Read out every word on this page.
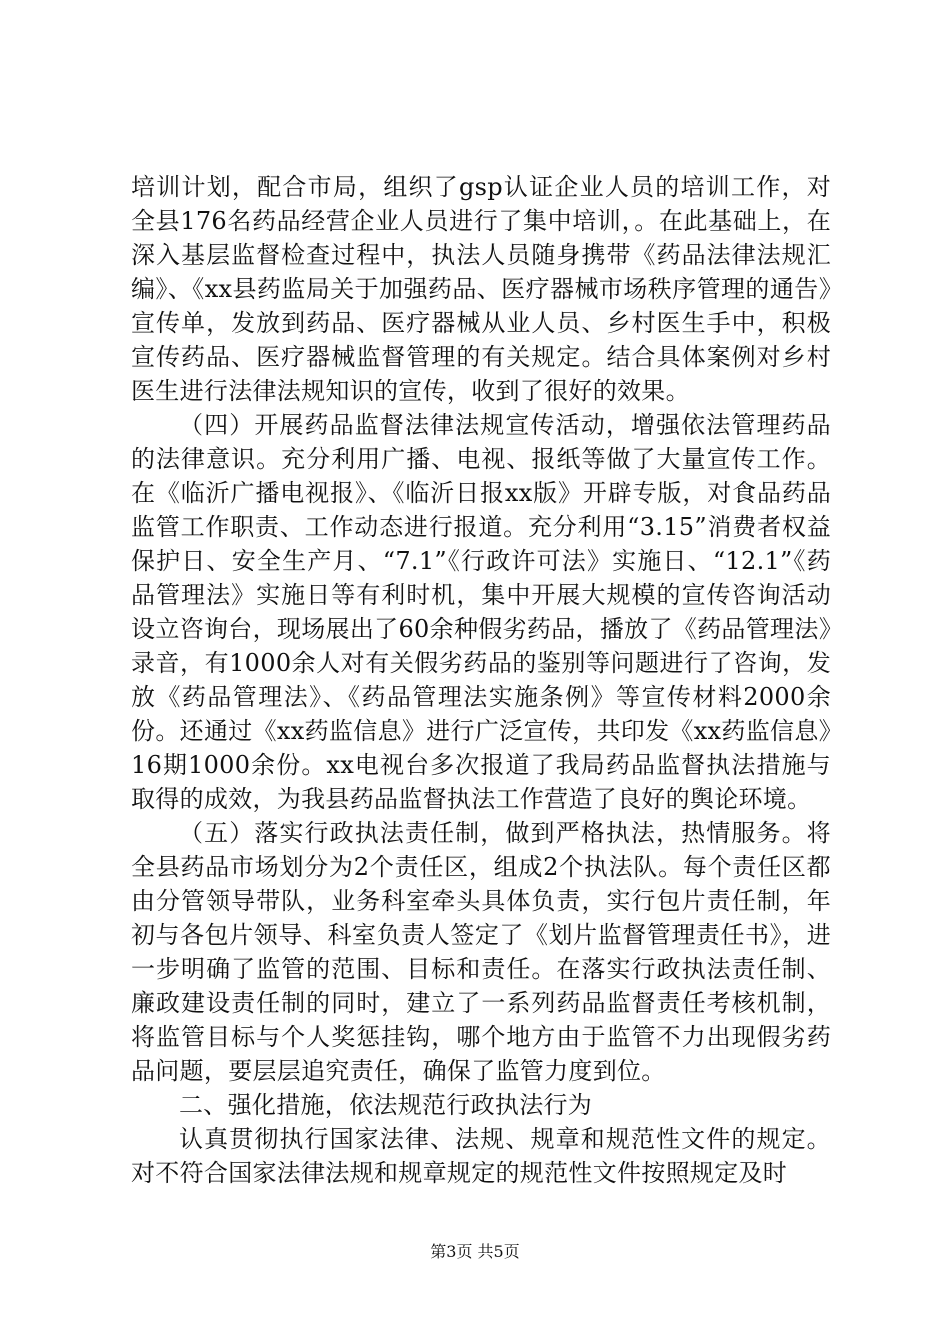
培训计划，配合市局，组织了gsp认证企业人员的培训工作，对全县176名药品经营企业人员进行了集中培训，。在此基础上，在深入基层监督检查过程中，执法人员随身携带《药品法律法规汇编》、《xx县药监局关于加强药品、医疗器械市场秩序管理的通告》宣传单，发放到药品、医疗器械从业人员、乡村医生手中，积极宣传药品、医疗器械监督管理的有关规定。结合具体案例对乡村医生进行法律法规知识的宣传，收到了很好的效果。

（四）开展药品监督法律法规宣传活动，增强依法管理药品的法律意识。充分利用广播、电视、报纸等做了大量宣传工作。在《临沂广播电视报》、《临沂日报xx版》开辟专版，对食品药品监管工作职责、工作动态进行报道。充分利用“3.15”消费者权益保护日、安全生产月、“7.1”《行政许可法》实施日、“12.1”《药品管理法》实施日等有利时机，集中开展大规模的宣传咨询活动设立咨询台，现场展出了60余种假劣药品，播放了《药品管理法》录音，有1000余人对有关假劣药品的鉴别等问题进行了咨询，发放《药品管理法》、《药品管理法实施条例》等宣传材料2000余份。还通过《xx药监信息》进行广泛宣传，共印发《xx药监信息》16期1000余份。xx电视台多次报道了我局药品监督执法措施与取得的成效，为我县药品监督执法工作营造了良好的舆论环境。

（五）落实行政执法责任制，做到严格执法，热情服务。将全县药品市场划分为2个责任区，组成2个执法队。每个责任区都由分管领导带队，业务科室牵头具体负责，实行包片责任制，年初与各包片领导、科室负责人签定了《划片监督管理责任书》，进一步明确了监管的范围、目标和责任。在落实行政执法责任制、廉政建设责任制的同时，建立了一系列药品监督责任考核机制，将监管目标与个人奖惩挂钩，哪个地方由于监管不力出现假劣药品问题，要层层追究责任，确保了监管力度到位。

二、强化措施，依法规范行政执法行为

认真贯彻执行国家法律、法规、规章和规范性文件的规定。对不符合国家法律法规和规章规定的规范性文件按照规定及时

第3页 共5页
